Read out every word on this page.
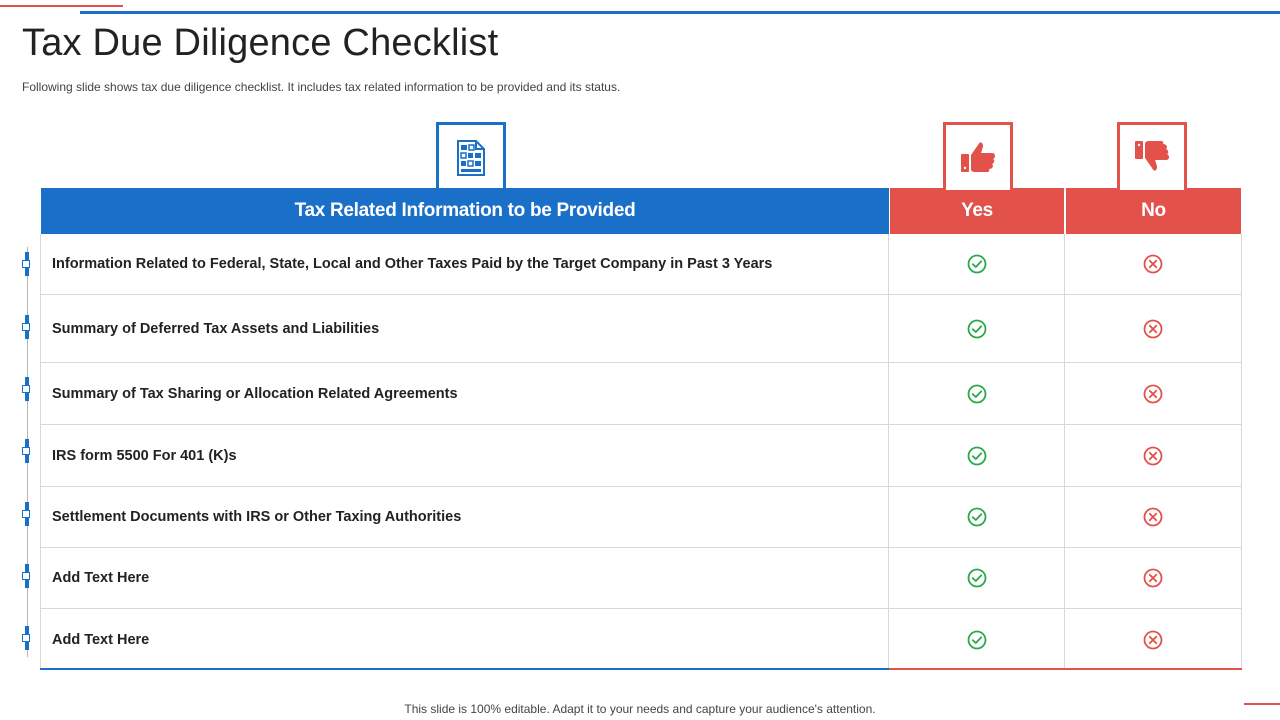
Tax Due Diligence Checklist
Following slide shows tax due diligence checklist. It includes tax related information to be provided and its status.
Tax Related Information to be Provided	Yes	No
Information Related to Federal, State, Local and Other Taxes Paid by the Target Company in Past 3 Years
Summary of Deferred Tax Assets and Liabilities
Summary of Tax Sharing or Allocation Related Agreements
IRS form 5500 For 401 (K)s
Settlement Documents with IRS or Other Taxing Authorities
Add Text Here
Add Text Here
This slide is 100% editable. Adapt it to your needs and capture your audience's attention.
